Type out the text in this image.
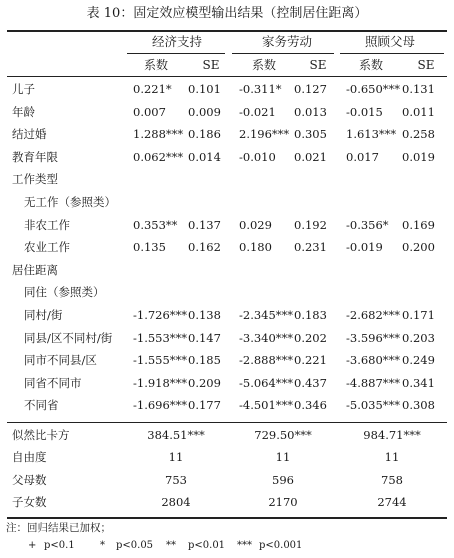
表 10：固定效应模型输出结果（控制居住距离）
经济支持	家务劳动	照顾父母
系数	SE	系数	SE	系数	SE
儿子	0.221*	0.101	-0.311*	0.127	-0.650*** 0.131
年龄	0.007	0.009	-0.021	0.013	-0.015	0.011
结过婚	1.288*** 0.186	2.196*** 0.305	1.613*** 0.258
教育年限	0.062*** 0.014	-0.010	0.021	0.017	0.019
工作类型
无工作（参照类）
非农工作	0.353** 0.137	0.029	0.192	-0.356*	0.169
农业工作	0.135	0.162	0.180	0.231	-0.019	0.200
居住距离
同住（参照类）
同村/街	-1.726*** 0.138	-2.345*** 0.183	-2.682*** 0.171
同县/区不同村/街 -1.553*** 0.147	-3.340*** 0.202	-3.596*** 0.203
同市不同县/区	-1.555*** 0.185	-2.888*** 0.221	-3.680*** 0.249
同省不同市	-1.918*** 0.209	-5.064*** 0.437	-4.887*** 0.341
不同省	-1.696*** 0.177	-4.501*** 0.346	-5.035*** 0.308
似然比卡方	384.51***	729.50***	984.71***
自由度	11	11	11
父母数	753	596	758
子女数	2804	2170	2744
注：回归结果已加权；
+ p<0.1	* p<0.05 ** p<0.01 *** p<0.001
